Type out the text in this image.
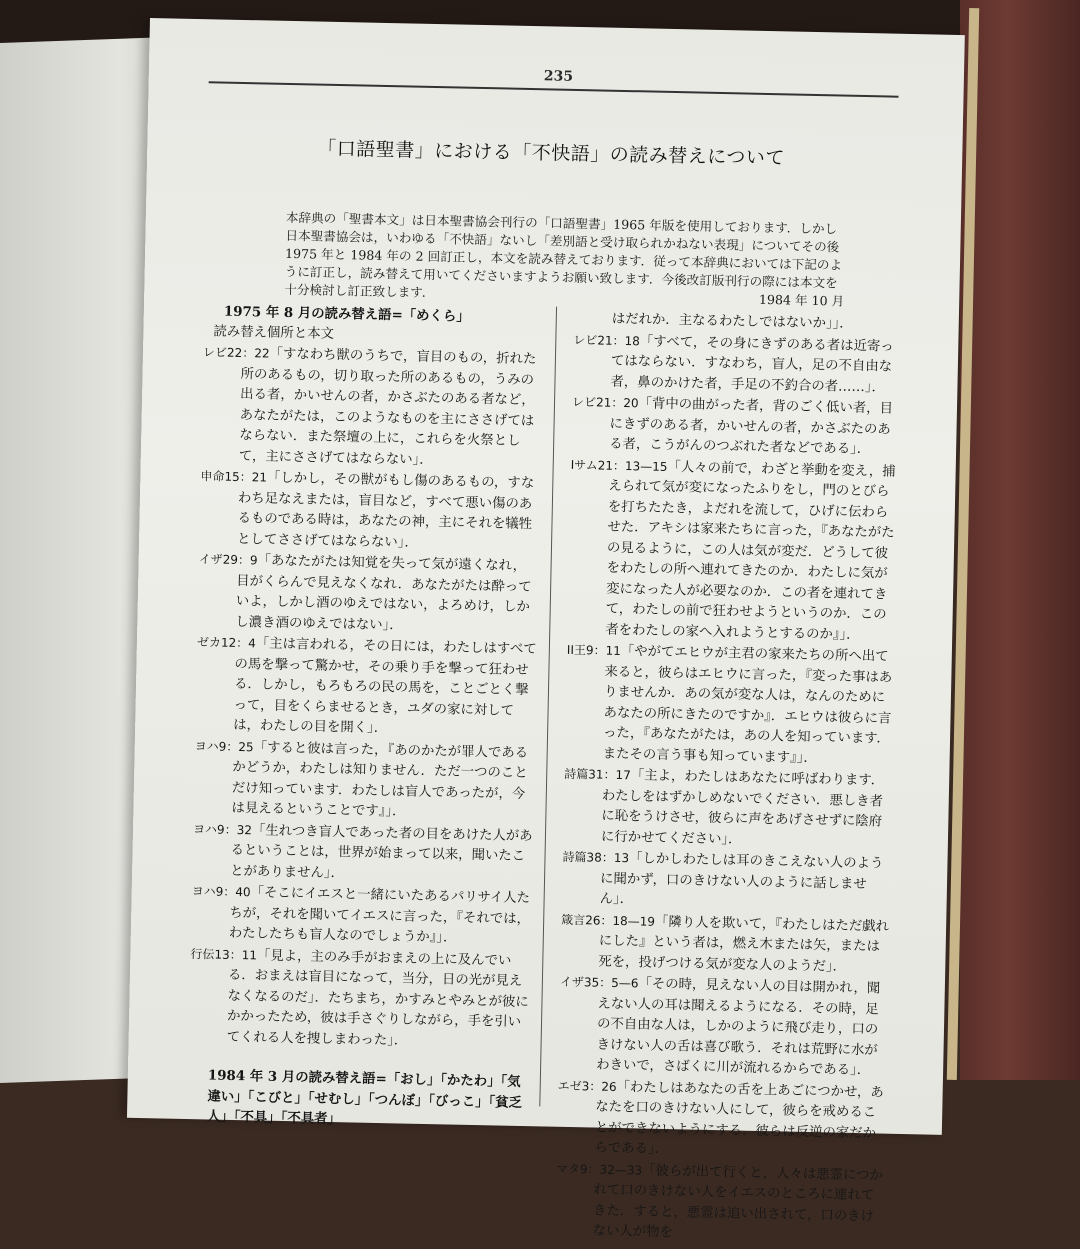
235
「口語聖書」における「不快語」の読み替えについて
本辞典の「聖書本文」は日本聖書協会刊行の「口語聖書」1965 年版を使用しております．しかし日本聖書協会は，いわゆる「不快語」ないし「差別語と受け取られかねない表現」についてその後 1975 年と 1984 年の 2 回訂正し，本文を読み替えております．従って本辞典においては下記のように訂正し，読み替えて用いてくださいますようお願い致します．今後改訂版刊行の際には本文を十分検討し訂正致します．
1984 年 10 月

1975 年 8 月の読み替え語=「めくら」

読み替え個所と本文

レビ22：22「すなわち獣のうちで，盲目のもの，折れた所のあるもの，切り取った所のあるもの，うみの出る者，かいせんの者，かさぶたのある者など，あなたがたは，このようなものを主にささげてはならない．また祭壇の上に，これらを火祭として，主にささげてはならない」．

申命15：21「しかし，その獣がもし傷のあるもの，すなわち足なえまたは，盲目など，すべて悪い傷のあるものである時は，あなたの神，主にそれを犠牲としてささげてはならない」．

イザ29：9「あなたがたは知覚を失って気が遠くなれ，目がくらんで見えなくなれ．あなたがたは酔っていよ，しかし酒のゆえではない，よろめけ，しかし濃き酒のゆえではない」．

ゼカ12：4「主は言われる，その日には，わたしはすべての馬を撃って驚かせ，その乗り手を撃って狂わせる．しかし，もろもろの民の馬を，ことごとく撃って，目をくらませるとき，ユダの家に対しては，わたしの目を開く」．

ヨハ9：25「すると彼は言った，『あのかたが罪人であるかどうか，わたしは知りません．ただ一つのことだけ知っています．わたしは盲人であったが，今は見えるということです』」．

ヨハ9：32「生れつき盲人であった者の目をあけた人があるということは，世界が始まって以来，聞いたことがありません」．

ヨハ9：40「そこにイエスと一緒にいたあるパリサイ人たちが，それを聞いてイエスに言った，『それでは，わたしたちも盲人なのでしょうか』」．

行伝13：11「見よ，主のみ手がおまえの上に及んでいる．おまえは盲目になって，当分，日の光が見えなくなるのだ」．たちまち，かすみとやみとが彼にかかったため，彼は手さぐりしながら，手を引いてくれる人を捜しまわった」．

1984 年 3 月の読み替え語=「おし」「かたわ」「気違い」「こびと」「せむし」「つんぼ」「びっこ」「貧乏人」「不具」「不具者」

はだれか．主なるわたしではないか」」．

レビ21：18「すべて，その身にきずのある者は近寄ってはならない．すなわち，盲人，足の不自由な者，鼻のかけた者，手足の不釣合の者……」．

レビ21：20「背中の曲がった者，背のごく低い者，目にきずのある者，かいせんの者，かさぶたのある者，こうがんのつぶれた者などである」．

Iサム21：13—15「人々の前で，わざと挙動を変え，捕えられて気が変になったふりをし，門のとびらを打ちたたき，よだれを流して，ひげに伝わらせた．アキシは家来たちに言った，『あなたがたの見るように，この人は気が変だ．どうして彼をわたしの所へ連れてきたのか．わたしに気が変になった人が必要なのか．この者を連れてきて，わたしの前で狂わせようというのか．この者をわたしの家へ入れようとするのか』」．

II王9：11「やがてエヒウが主君の家来たちの所へ出て来ると，彼らはエヒウに言った，『変った事はありませんか．あの気が変な人は，なんのためにあなたの所にきたのですか』．エヒウは彼らに言った，『あなたがたは，あの人を知っています．またその言う事も知っています』」．

詩篇31：17「主よ，わたしはあなたに呼ばわります．わたしをはずかしめないでください．悪しき者に恥をうけさせ，彼らに声をあげさせずに陰府に行かせてください」．

詩篇38：13「しかしわたしは耳のきこえない人のように聞かず，口のきけない人のように話しません」．

箴言26：18—19「隣り人を欺いて，『わたしはただ戯れにした』という者は，燃え木または矢，または死を，投げつける気が変な人のようだ」．

イザ35：5—6「その時，見えない人の目は開かれ，聞えない人の耳は聞えるようになる．その時，足の不自由な人は，しかのように飛び走り，口のきけない人の舌は喜び歌う．それは荒野に水がわきいで，さばくに川が流れるからである」．

エゼ3：26「わたしはあなたの舌を上あごにつかせ，あなたを口のきけない人にして，彼らを戒めることができないようにする．彼らは反逆の家だからである」．

マタ9：32—33「彼らが出て行くと，人々は悪霊につかれて口のきけない人をイエスのところに連れてきた．すると，悪霊は追い出されて，口のきけない人が物を
